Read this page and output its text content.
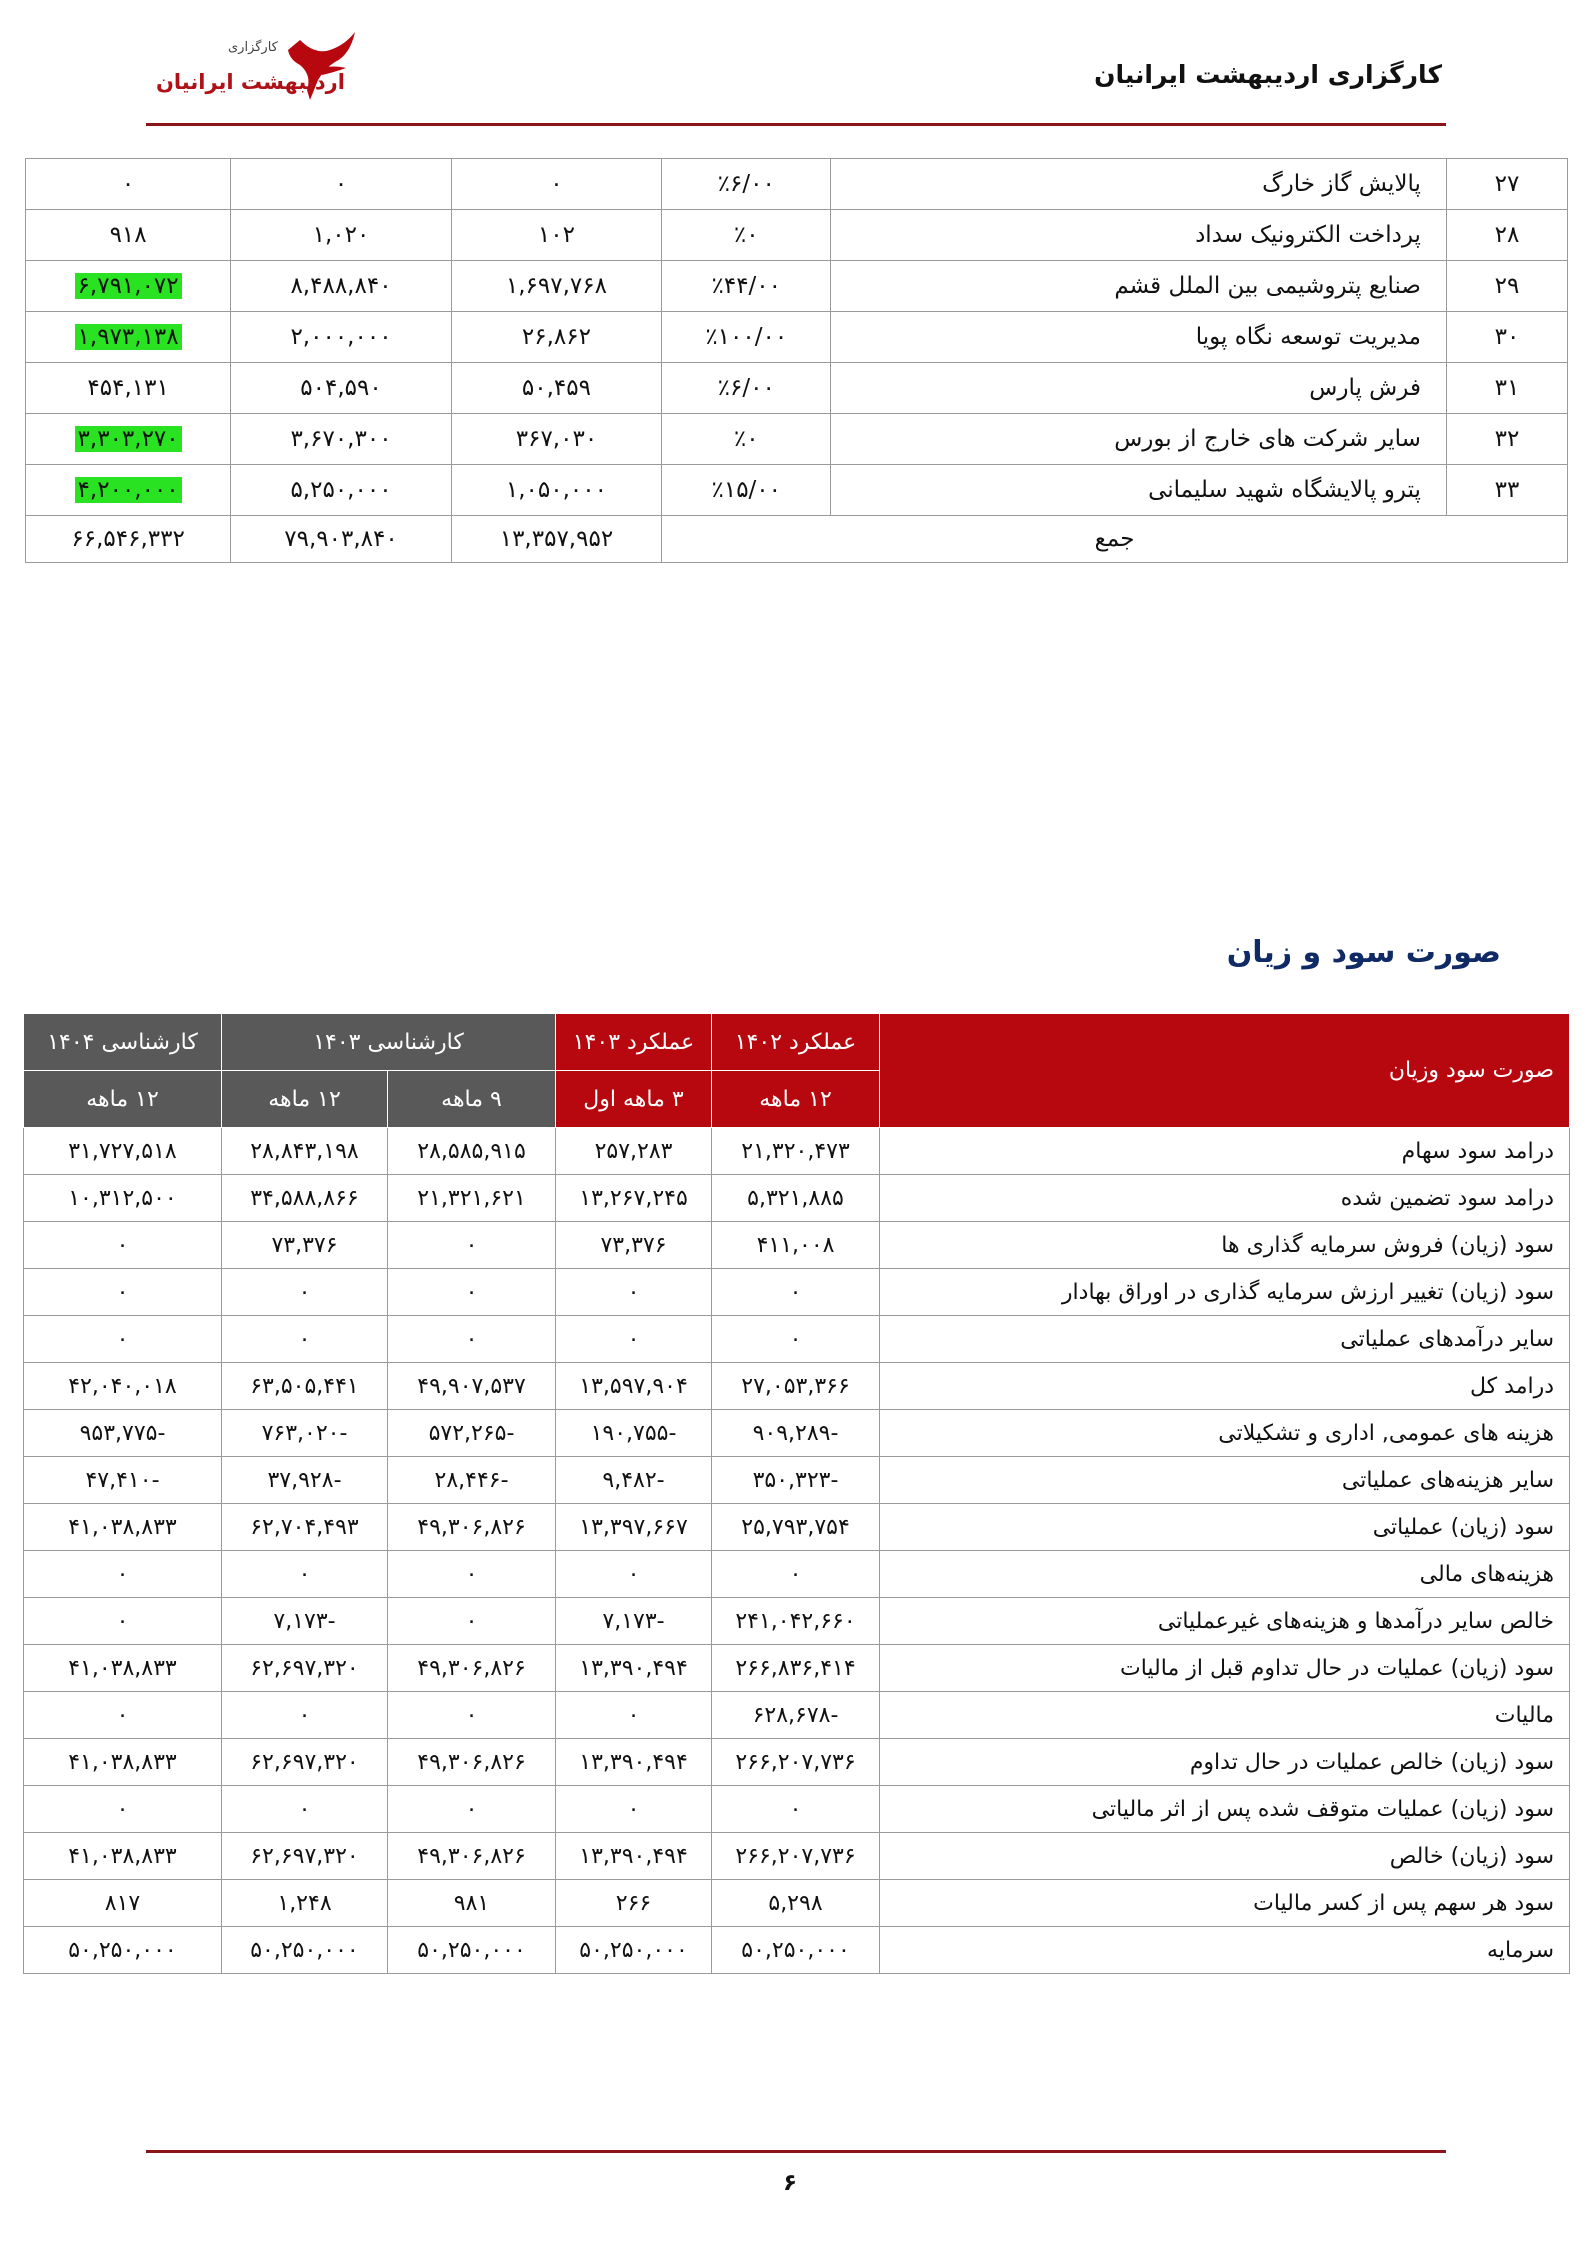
کارگزاری اردیبهشت ایرانیان
کارگزاری
اردیبهشت ایرانیان
۲۷	پالایش گاز خارگ	٪۶/۰۰	۰	۰	۰
۲۸	پرداخت الکترونیک سداد	٪۰	۱۰۲	۱,۰۲۰	۹۱۸
۲۹	صنایع پتروشیمی بین الملل قشم	٪۴۴/۰۰	۱,۶۹۷,۷۶۸	۸,۴۸۸,۸۴۰	۶,۷۹۱,۰۷۲
۳۰	مدیریت توسعه نگاه پویا	٪۱۰۰/۰۰	۲۶,۸۶۲	۲,۰۰۰,۰۰۰	۱,۹۷۳,۱۳۸
۳۱	فرش پارس	٪۶/۰۰	۵۰,۴۵۹	۵۰۴,۵۹۰	۴۵۴,۱۳۱
۳۲	سایر شرکت های خارج از بورس	٪۰	۳۶۷,۰۳۰	۳,۶۷۰,۳۰۰	۳,۳۰۳,۲۷۰
۳۳	پترو پالایشگاه شهید سلیمانی	٪۱۵/۰۰	۱,۰۵۰,۰۰۰	۵,۲۵۰,۰۰۰	۴,۲۰۰,۰۰۰
جمع			۱۳,۳۵۷,۹۵۲	۷۹,۹۰۳,۸۴۰	۶۶,۵۴۶,۳۳۲
صورت سود و زیان
صورت سود وزیان	عملکرد ۱۴۰۲	عملکرد ۱۴۰۳	کارشناسی ۱۴۰۳		کارشناسی ۱۴۰۴
	۱۲ ماهه	۳ ماهه اول	۹ ماهه	۱۲ ماهه	۱۲ ماهه
درامد سود سهام	۲۱,۳۲۰,۴۷۳	۲۵۷,۲۸۳	۲۸,۵۸۵,۹۱۵	۲۸,۸۴۳,۱۹۸	۳۱,۷۲۷,۵۱۸
درامد سود تضمین شده	۵,۳۲۱,۸۸۵	۱۳,۲۶۷,۲۴۵	۲۱,۳۲۱,۶۲۱	۳۴,۵۸۸,۸۶۶	۱۰,۳۱۲,۵۰۰
سود (زیان) فروش سرمایه گذاری ها	۴۱۱,۰۰۸	۷۳,۳۷۶	۰	۷۳,۳۷۶	۰
سود (زیان) تغییر ارزش سرمایه گذاری در اوراق بهادار	۰	۰	۰	۰	۰
سایر درآمدهای عملیاتی	۰	۰	۰	۰	۰
درامد کل	۲۷,۰۵۳,۳۶۶	۱۳,۵۹۷,۹۰۴	۴۹,۹۰۷,۵۳۷	۶۳,۵۰۵,۴۴۱	۴۲,۰۴۰,۰۱۸
هزینه های عمومی, اداری و تشکیلاتی	-۹۰۹,۲۸۹	-۱۹۰,۷۵۵	-۵۷۲,۲۶۵	-۷۶۳,۰۲۰	-۹۵۳,۷۷۵
سایر هزینه‌های عملیاتی	-۳۵۰,۳۲۳	-۹,۴۸۲	-۲۸,۴۴۶	-۳۷,۹۲۸	-۴۷,۴۱۰
سود (زیان) عملیاتی	۲۵,۷۹۳,۷۵۴	۱۳,۳۹۷,۶۶۷	۴۹,۳۰۶,۸۲۶	۶۲,۷۰۴,۴۹۳	۴۱,۰۳۸,۸۳۳
هزینه‌های مالی	۰	۰	۰	۰	۰
خالص سایر درآمدها و هزینه‌های غیرعملیاتی	۲۴۱,۰۴۲,۶۶۰	-۷,۱۷۳	۰	-۷,۱۷۳	۰
سود (زیان) عملیات در حال تداوم قبل از مالیات	۲۶۶,۸۳۶,۴۱۴	۱۳,۳۹۰,۴۹۴	۴۹,۳۰۶,۸۲۶	۶۲,۶۹۷,۳۲۰	۴۱,۰۳۸,۸۳۳
مالیات	-۶۲۸,۶۷۸	۰	۰	۰	۰
سود (زیان) خالص عملیات در حال تداوم	۲۶۶,۲۰۷,۷۳۶	۱۳,۳۹۰,۴۹۴	۴۹,۳۰۶,۸۲۶	۶۲,۶۹۷,۳۲۰	۴۱,۰۳۸,۸۳۳
سود (زیان) عملیات متوقف شده پس از اثر مالیاتی	۰	۰	۰	۰	۰
سود (زیان) خالص	۲۶۶,۲۰۷,۷۳۶	۱۳,۳۹۰,۴۹۴	۴۹,۳۰۶,۸۲۶	۶۲,۶۹۷,۳۲۰	۴۱,۰۳۸,۸۳۳
سود هر سهم پس از کسر مالیات	۵,۲۹۸	۲۶۶	۹۸۱	۱,۲۴۸	۸۱۷
سرمایه	۵۰,۲۵۰,۰۰۰	۵۰,۲۵۰,۰۰۰	۵۰,۲۵۰,۰۰۰	۵۰,۲۵۰,۰۰۰	۵۰,۲۵۰,۰۰۰
۶
